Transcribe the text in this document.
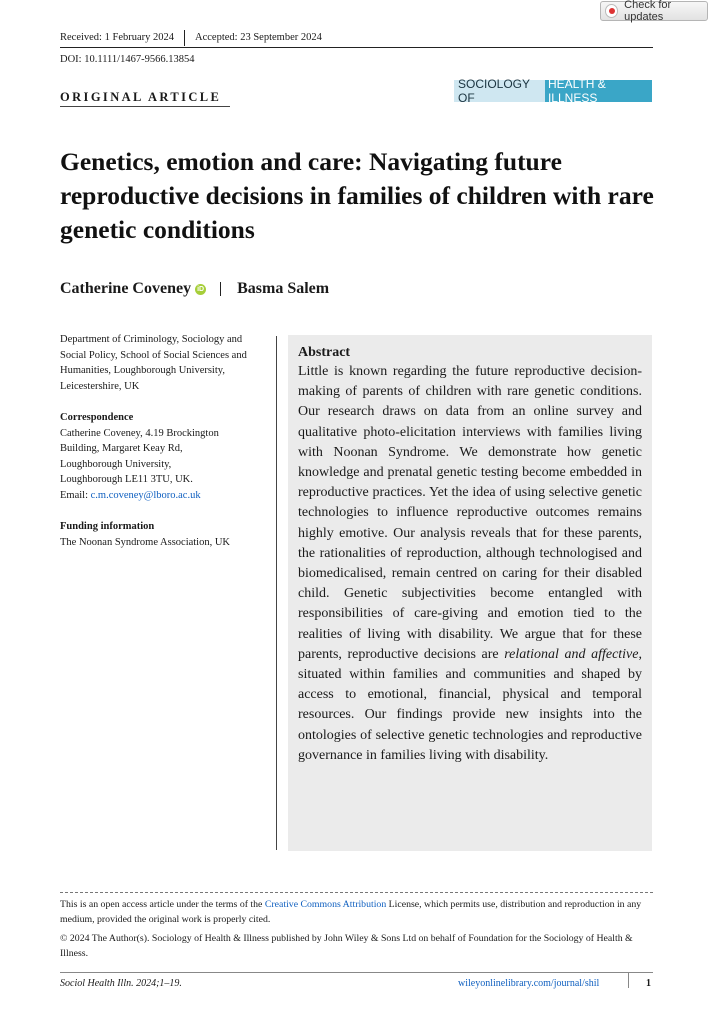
Check for updates
Received: 1 February 2024 Accepted: 23 September 2024
DOI: 10.1111/1467-9566.13854
ORIGINAL ARTICLE
SOCIOLOGY OF
HEALTH & ILLNESS
Genetics, emotion and care: Navigating future reproductive decisions in families of children with rare genetic conditions
Catherine Coveney iD Basma Salem

Department of Criminology, Sociology and Social Policy, School of Social Sciences and Humanities, Loughborough University, Leicestershire, UK

Correspondence

Catherine Coveney, 4.19 Brockington

Building, Margaret Keay Rd,

Loughborough University,

Loughborough LE11 3TU, UK.

Email: c.m.coveney@lboro.ac.uk

Funding information

The Noonan Syndrome Association, UK

Abstract
Little is known regarding the future reproductive decision-making of parents of children with rare genetic conditions. Our research draws on data from an online survey and qualitative photo-elicitation interviews with families living with Noonan Syndrome. We demonstrate how genetic knowledge and prenatal genetic testing become embedded in reproductive practices. Yet the idea of using selective genetic technologies to influence reproductive outcomes remains highly emotive. Our analysis reveals that for these parents, the rationalities of reproduction, although technologised and biomedicalised, remain centred on caring for their disabled child. Genetic subjectivities become entangled with responsibilities of care-giving and emotion tied to the realities of living with disability. We argue that for these parents, reproductive decisions are relational and affective, situated within families and communities and shaped by access to emotional, financial, physical and temporal resources. Our findings provide new insights into the ontologies of selective genetic technologies and reproductive governance in families living with disability.
This is an open access article under the terms of the Creative Commons Attribution License, which permits use, distribution and reproduction in any medium, provided the original work is properly cited.
© 2024 The Author(s). Sociology of Health & Illness published by John Wiley & Sons Ltd on behalf of Foundation for the Sociology of Health & Illness.
Sociol Health Illn. 2024;1–19.	wileyonlinelibrary.com/journal/shil	1
